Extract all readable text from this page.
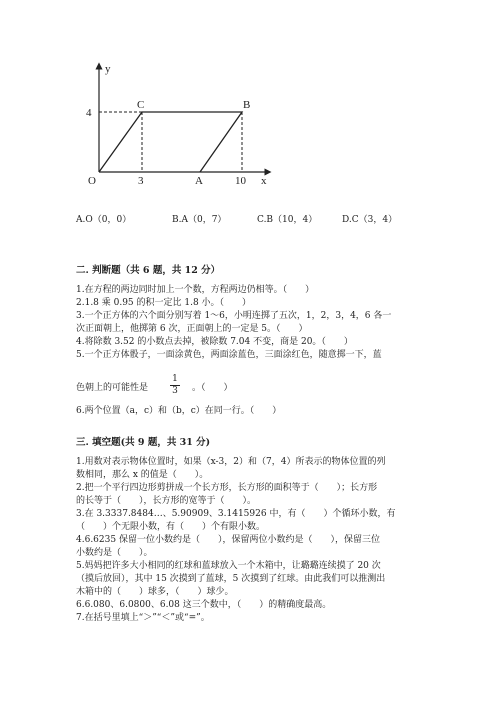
y
x
O
C	B
A
4
3	10
A.O（0，0）	B.A（0，7）	C.B（10，4）	D.C（3，4）
二. 判断题（共 6 题，共 12 分）
1.在方程的两边同时加上一个数，方程两边仍相等。（　　）
2.1.8 乘 0.95 的积一定比 1.8 小。（　　）
3.一个正方体的六个面分别写着 1～6，小明连掷了五次，1，2，3，4，6 各一
次正面朝上，他掷第 6 次，正面朝上的一定是 5。（　　）
4.将除数 3.52 的小数点去掉，被除数 7.04 不变，商是 20。（　　）
5.一个正方体骰子，一面涂黄色，两面涂蓝色，三面涂红色，随意掷一下，蓝
色朝上的可能性是	$\frac{1}{3}$ 。（　　）
6.两个位置（a，c）和（b，c）在同一行。（　　）
三. 填空题(共 9 题，共 31 分)
1.用数对表示物体位置时，如果（x-3，2）和（7，4）所表示的物体位置的列
数相同，那么 x 的值是（　　）。
2.把一个平行四边形剪拼成一个长方形，长方形的面积等于（　　）；长方形
的长等于（　　），长方形的宽等于（　　）。
3.在 3.3337.8484…、5.90909、3.1415926 中，有（　　）个循环小数，有
（　　）个无限小数，有（　　）个有限小数。
4.6.6235 保留一位小数约是（　　），保留两位小数约是（　　），保留三位
小数约是（　　）。
5.妈妈把许多大小相同的红球和蓝球放入一个木箱中，让璐璐连续摸了 20 次
（摸后放回），其中 15 次摸到了蓝球，5 次摸到了红球。由此我们可以推测出
木箱中的（　　）球多，（　　）球少。
6.6.080、6.0800、6.08 这三个数中，（　　）的精确度最高。
7.在括号里填上“＞”“＜”或“=”。
